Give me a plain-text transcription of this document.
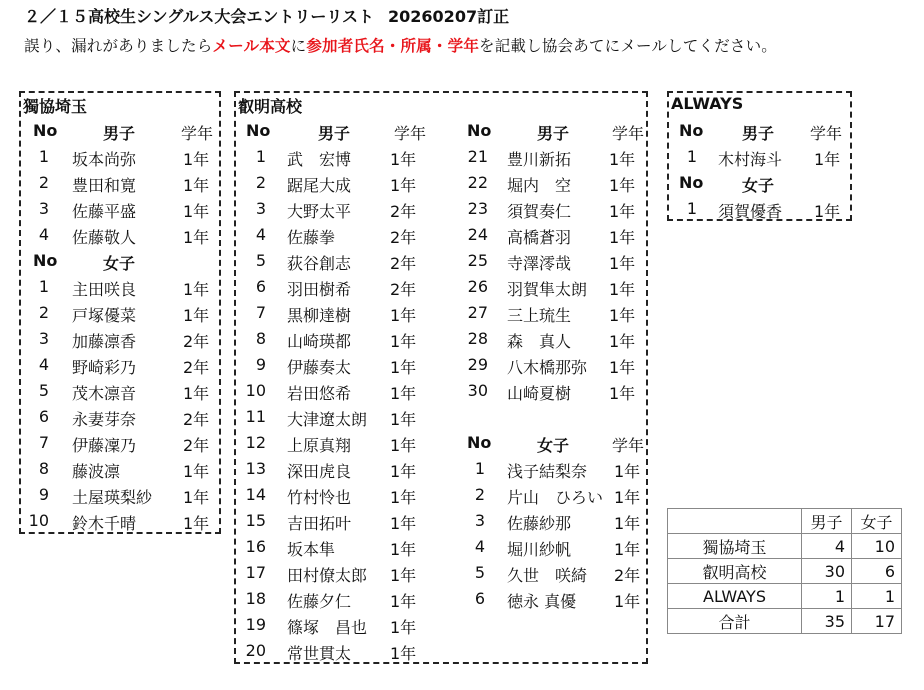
２／１５高校生シングルス大会エントリーリスト 20260207訂正
誤り、漏れがありましたらメール本文に参加者氏名・所属・学年を記載し協会あてにメールしてください。
獨協埼玉
No	男子	学年
1 坂本尚弥	1年
2 豊田和寛	1年
3 佐藤平盛	1年
4 佐藤敬人	1年
No	女子
1 主田咲良	1年
2 戸塚優菜	1年
3 加藤凛香	2年
4 野崎彩乃	2年
5 茂木凛音	1年
6 永妻芽奈	2年
7 伊藤凜乃	2年
8 藤波凛	1年
9 土屋瑛梨紗 1年
10 鈴木千晴	1年
叡明高校
No	男子	学年
1 武　宏博 1年
2 踞尾大成 1年
3 大野太平 2年
4 佐藤拳	2年
5 荻谷創志 2年
6 羽田樹希 2年
7 黒柳達樹 1年
8 山崎瑛都 1年
9 伊藤奏太 1年
10 岩田悠希 1年
11 大津遼太朗 1年
12 上原真翔 1年
13 深田虎良 1年
14 竹村怜也 1年
15 吉田拓叶 1年
16 坂本隼	1年
17 田村僚太郎 1年
18 佐藤夕仁 1年
19 篠塚　昌也 1年
20 常世貫太 1年
No	男子	学年
21 豊川新拓 1年
22 堀内　空 1年
23 須賀奏仁 1年
24 高橋蒼羽 1年
25 寺澤澪哉 1年
26 羽賀隼太朗 1年
27 三上琉生 1年
28 森　真人 1年
29 八木橋那弥 1年
30 山崎夏樹 1年
No	女子	学年
1 浅子結梨奈 1年
2 片山　ひろい 1年
3 佐藤紗那	1年
4 堀川紗帆	1年
5 久世　咲綺 2年
6 徳永 真優 1年
ALWAYS
No 男子 学年
1 木村海斗 1年
No 女子
1 須賀優香 1年
	男子	女子
獨協埼玉	4	10
叡明高校	30	6
ALWAYS	1	1
合計	35	17
